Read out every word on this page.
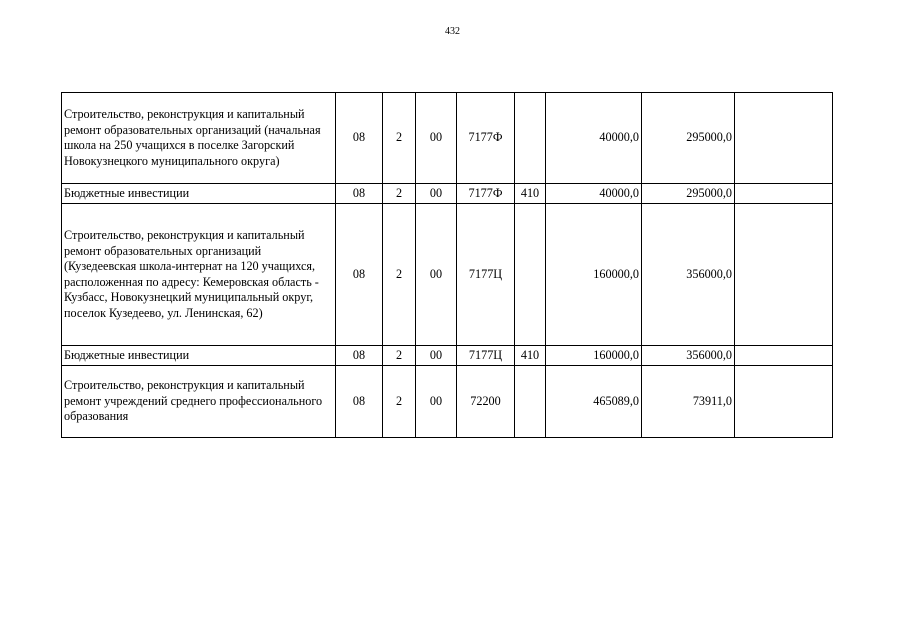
432
Строительство, реконструкция и капитальный ремонт образовательных организаций (начальная школа на 250 учащихся в поселке Загорский Новокузнецкого муниципального округа)	08	2	00	7177Ф		40000,0	295000,0	
Бюджетные инвестиции	08	2	00	7177Ф	410	40000,0	295000,0	
Строительство, реконструкция и капитальный ремонт образовательных организаций (Кузедеевская школа-интернат на 120 учащихся, расположенная по адресу: Кемеровская область - Кузбасс, Новокузнецкий муниципальный округ, поселок Кузедеево, ул. Ленинская, 62)	08	2	00	7177Ц		160000,0	356000,0	
Бюджетные инвестиции	08	2	00	7177Ц	410	160000,0	356000,0	
Строительство, реконструкция и капитальный ремонт учреждений среднего профессионального образования	08	2	00	72200		465089,0	73911,0	
